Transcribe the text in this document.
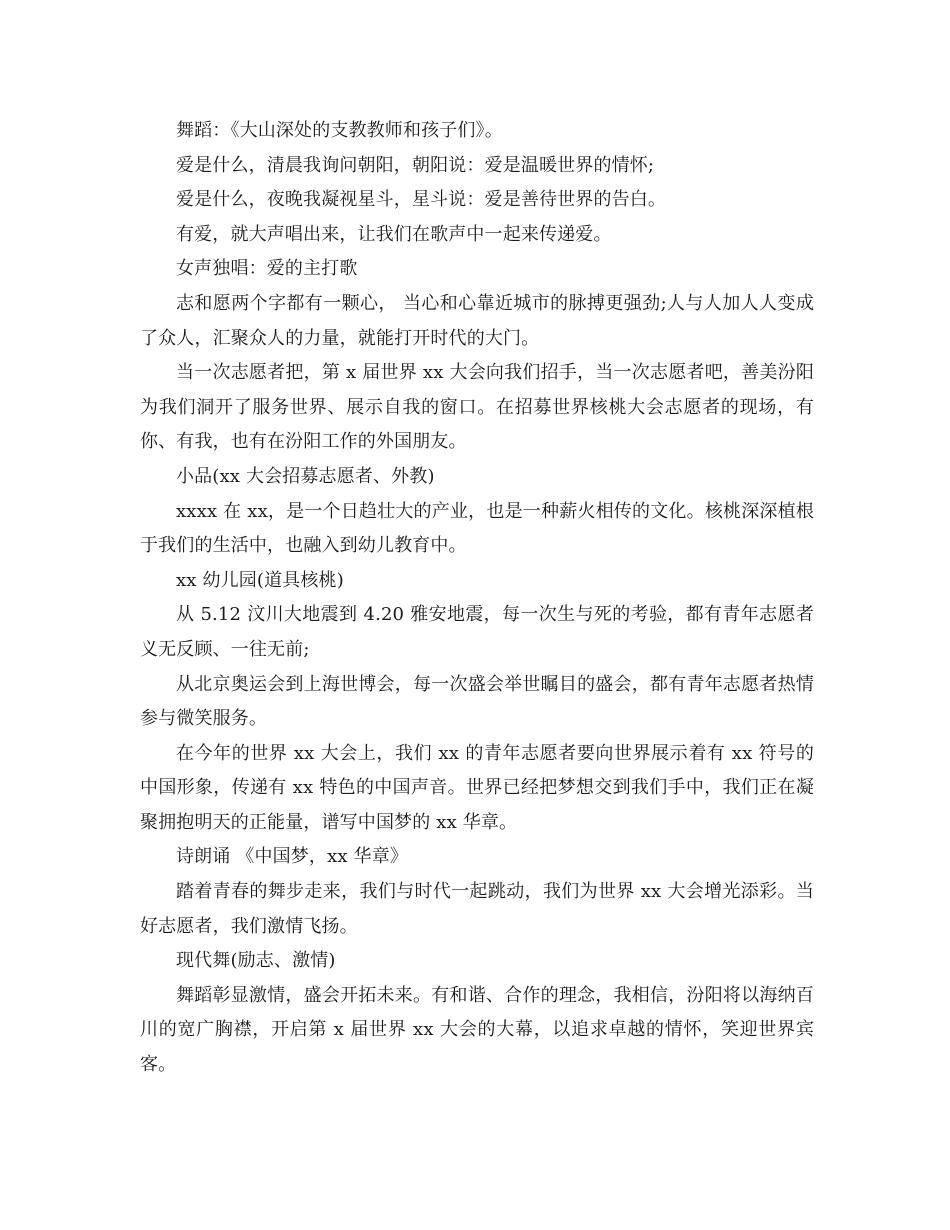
舞蹈：《大山深处的支教教师和孩子们》。

爱是什么，清晨我询问朝阳，朝阳说：爱是温暖世界的情怀;

爱是什么，夜晚我凝视星斗，星斗说：爱是善待世界的告白。

有爱，就大声唱出来，让我们在歌声中一起来传递爱。

女声独唱：爱的主打歌

志和愿两个字都有一颗心， 当心和心靠近城市的脉搏更强劲;人与人加人人变成了众人，汇聚众人的力量，就能打开时代的大门。

当一次志愿者把，第 x 届世界 xx 大会向我们招手，当一次志愿者吧，善美汾阳为我们洞开了服务世界、展示自我的窗口。在招募世界核桃大会志愿者的现场，有你、有我，也有在汾阳工作的外国朋友。

小品(xx 大会招募志愿者、外教)

xxxx 在 xx，是一个日趋壮大的产业，也是一种薪火相传的文化。核桃深深植根于我们的生活中，也融入到幼儿教育中。

xx 幼儿园(道具核桃)

从 5.12 汶川大地震到 4.20 雅安地震，每一次生与死的考验，都有青年志愿者义无反顾、一往无前;

从北京奥运会到上海世博会，每一次盛会举世瞩目的盛会，都有青年志愿者热情参与微笑服务。

在今年的世界 xx 大会上，我们 xx 的青年志愿者要向世界展示着有 xx 符号的中国形象，传递有 xx 特色的中国声音。世界已经把梦想交到我们手中，我们正在凝聚拥抱明天的正能量，谱写中国梦的 xx 华章。

诗朗诵 《中国梦，xx 华章》

踏着青春的舞步走来，我们与时代一起跳动，我们为世界 xx 大会增光添彩。当好志愿者，我们激情飞扬。

现代舞(励志、激情)

舞蹈彰显激情，盛会开拓未来。有和谐、合作的理念，我相信，汾阳将以海纳百川的宽广胸襟，开启第 x 届世界 xx 大会的大幕，以追求卓越的情怀，笑迎世界宾客。
